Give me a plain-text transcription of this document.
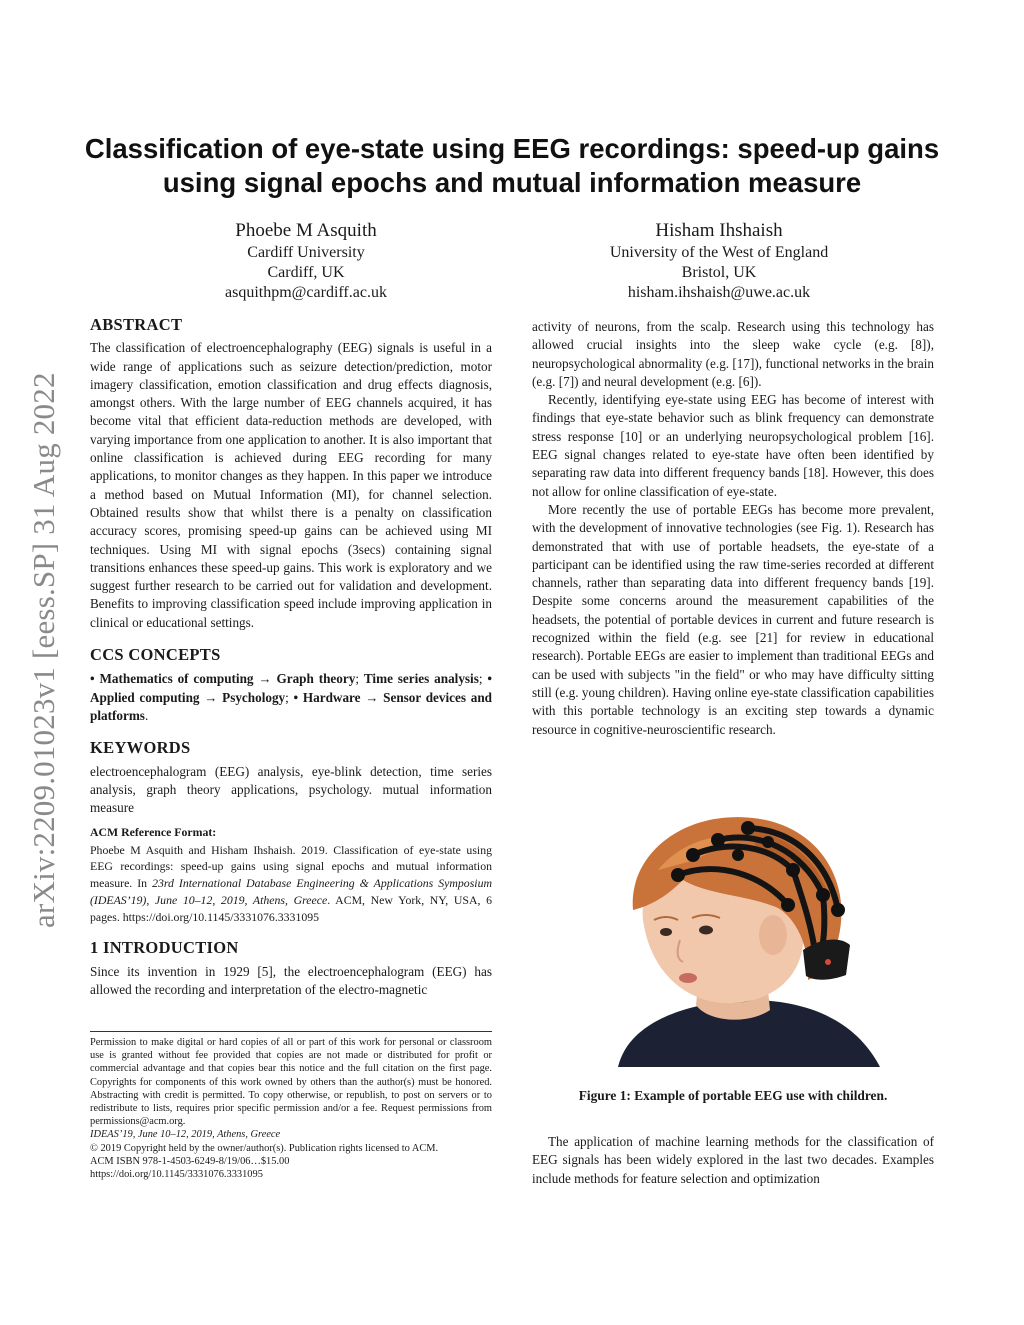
arXiv:2209.01023v1 [eess.SP] 31 Aug 2022
Classification of eye-state using EEG recordings: speed-up gains
using signal epochs and mutual information measure
Phoebe M Asquith
Cardiff University
Cardiff, UK
asquithpm@cardiff.ac.uk
Hisham Ihshaish
University of the West of England
Bristol, UK
hisham.ihshaish@uwe.ac.uk
ABSTRACT

The classification of electroencephalography (EEG) signals is useful in a wide range of applications such as seizure detection/prediction, motor imagery classification, emotion classification and drug effects diagnosis, amongst others. With the large number of EEG channels acquired, it has become vital that efficient data-reduction methods are developed, with varying importance from one application to another. It is also important that online classification is achieved during EEG recording for many applications, to monitor changes as they happen. In this paper we introduce a method based on Mutual Information (MI), for channel selection. Obtained results show that whilst there is a penalty on classification accuracy scores, promising speed-up gains can be achieved using MI techniques. Using MI with signal epochs (3secs) containing signal transitions enhances these speed-up gains. This work is exploratory and we suggest further research to be carried out for validation and development. Benefits to improving classification speed include improving application in clinical or educational settings.

CCS CONCEPTS

• Mathematics of computing → Graph theory; Time series analysis; • Applied computing → Psychology; • Hardware → Sensor devices and platforms.

KEYWORDS

electroencephalogram (EEG) analysis, eye-blink detection, time series analysis, graph theory applications, psychology. mutual information measure

ACM Reference Format:

Phoebe M Asquith and Hisham Ihshaish. 2019. Classification of eye-state using EEG recordings: speed-up gains using signal epochs and mutual information measure. In 23rd International Database Engineering & Applications Symposium (IDEAS’19), June 10–12, 2019, Athens, Greece. ACM, New York, NY, USA, 6 pages. https://doi.org/10.1145/3331076.3331095

1 INTRODUCTION

Since its invention in 1929 [5], the electroencephalogram (EEG) has allowed the recording and interpretation of the electro-magnetic

Permission to make digital or hard copies of all or part of this work for personal or classroom use is granted without fee provided that copies are not made or distributed for profit or commercial advantage and that copies bear this notice and the full citation on the first page. Copyrights for components of this work owned by others than the author(s) must be honored. Abstracting with credit is permitted. To copy otherwise, or republish, to post on servers or to redistribute to lists, requires prior specific permission and/or a fee. Request permissions from permissions@acm.org.

IDEAS’19, June 10–12, 2019, Athens, Greece
© 2019 Copyright held by the owner/author(s). Publication rights licensed to ACM.
ACM ISBN 978-1-4503-6249-8/19/06…$15.00
https://doi.org/10.1145/3331076.3331095

activity of neurons, from the scalp. Research using this technology has allowed crucial insights into the sleep wake cycle (e.g. [8]), neuropsychological abnormality (e.g. [17]), functional networks in the brain (e.g. [7]) and neural development (e.g. [6]).

Recently, identifying eye-state using EEG has become of interest with findings that eye-state behavior such as blink frequency can demonstrate stress response [10] or an underlying neuropsychological problem [16]. EEG signal changes related to eye-state have often been identified by separating raw data into different frequency bands [18]. However, this does not allow for online classification of eye-state.

More recently the use of portable EEGs has become more prevalent, with the development of innovative technologies (see Fig. 1). Research has demonstrated that with use of portable headsets, the eye-state of a participant can be identified using the raw time-series recorded at different channels, rather than separating data into different frequency bands [19]. Despite some concerns around the measurement capabilities of the headsets, the potential of portable devices in current and future research is recognized within the field (e.g. see [21] for review in educational research). Portable EEGs are easier to implement than traditional EEGs and can be used with subjects "in the field" or who may have difficulty sitting still (e.g. young children). Having online eye-state classification capabilities with this portable technology is an exciting step towards a dynamic resource in cognitive-neuroscientific research.

Figure 1: Example of portable EEG use with children.

The application of machine learning methods for the classification of EEG signals has been widely explored in the last two decades. Examples include methods for feature selection and optimization
